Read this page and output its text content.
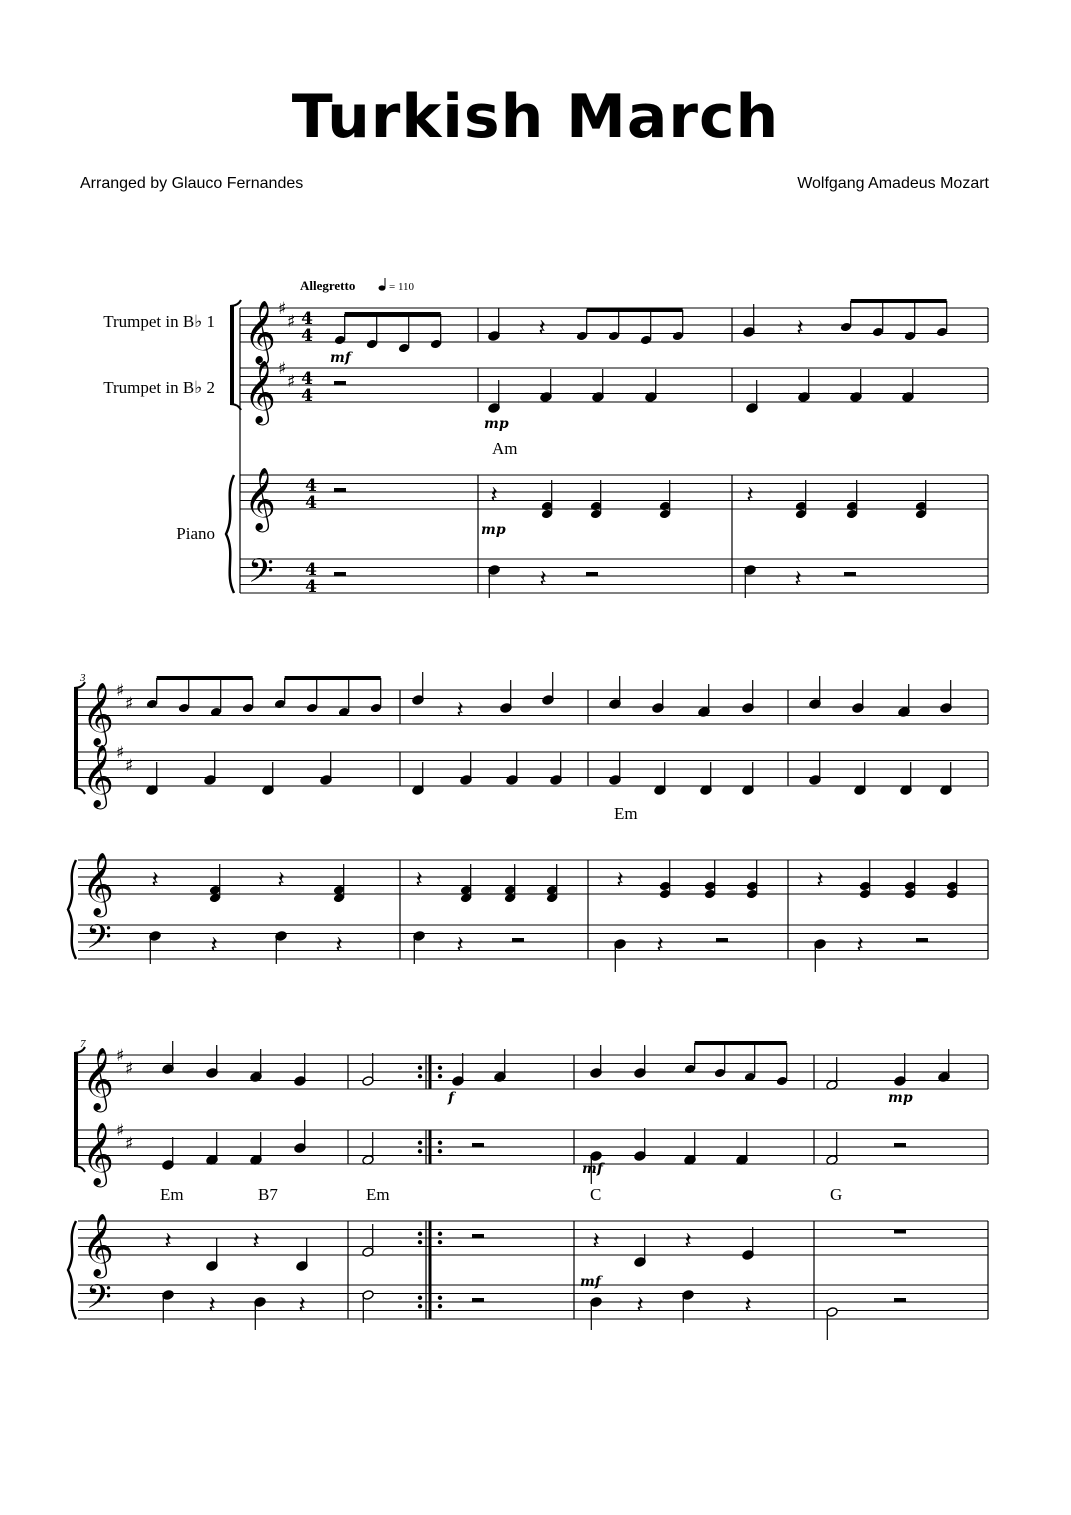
Turkish March
Arranged by Glauco Fernandes	Wolfgang Amadeus Mozart
Trumpet in B♭ 1
Trumpet in B♭ 2
Piano
𝄞
𝄞
𝄞
𝄢
♯
♯
♯
♯
4
4
4
4
4
4
4
4
Allegretto	= 110
𝄽	𝄽
mf
mp
Am
𝄽	𝄽
mp
𝄽	𝄽
𝄞
𝄞
𝄞
𝄢
♯
♯
♯
♯
3
𝄽
Em
𝄽	𝄽	𝄽	𝄽	𝄽
𝄽	𝄽	𝄽	𝄽	𝄽
𝄞
𝄞
𝄞
𝄢
♯
♯
♯
♯
7
f	mp
mf
Em	B7	Em	C	G
𝄽	𝄽	𝄽	𝄽
mf
𝄽	𝄽	𝄽	𝄽
